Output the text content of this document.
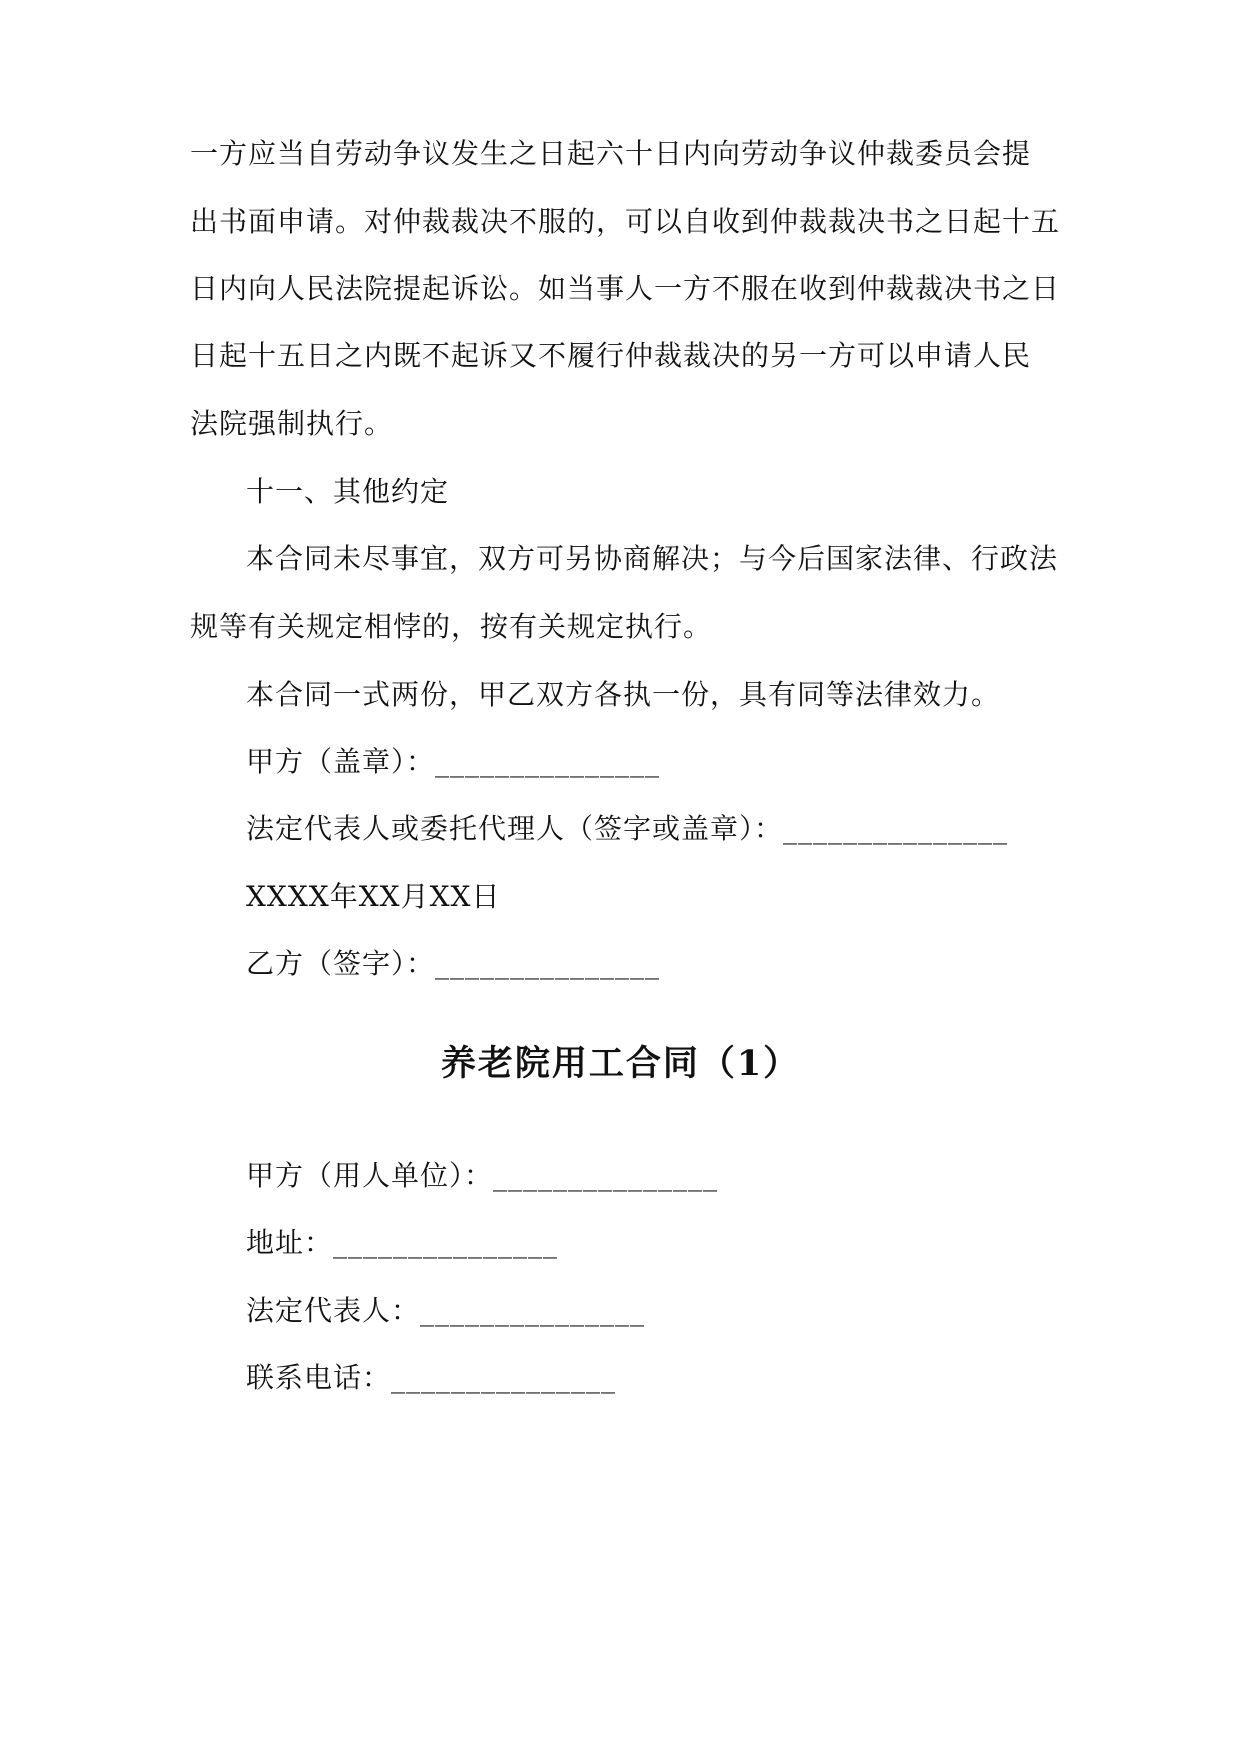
一方应当自劳动争议发生之日起六十日内向劳动争议仲裁委员会提
出书面申请。对仲裁裁决不服的，可以自收到仲裁裁决书之日起十五
日内向人民法院提起诉讼。如当事人一方不服在收到仲裁裁决书之日
日起十五日之内既不起诉又不履行仲裁裁决的另一方可以申请人民
法院强制执行。
十一、其他约定
本合同未尽事宜，双方可另协商解决；与今后国家法律、行政法
规等有关规定相悖的，按有关规定执行。
本合同一式两份，甲乙双方各执一份，具有同等法律效力。
甲方（盖章）：_______________
法定代表人或委托代理人（签字或盖章）：_______________
XXXX年XX月XX日
乙方（签字）：_______________
养老院用工合同（1）
甲方（用人单位）：_______________
地址：_______________
法定代表人：_______________
联系电话：_______________
